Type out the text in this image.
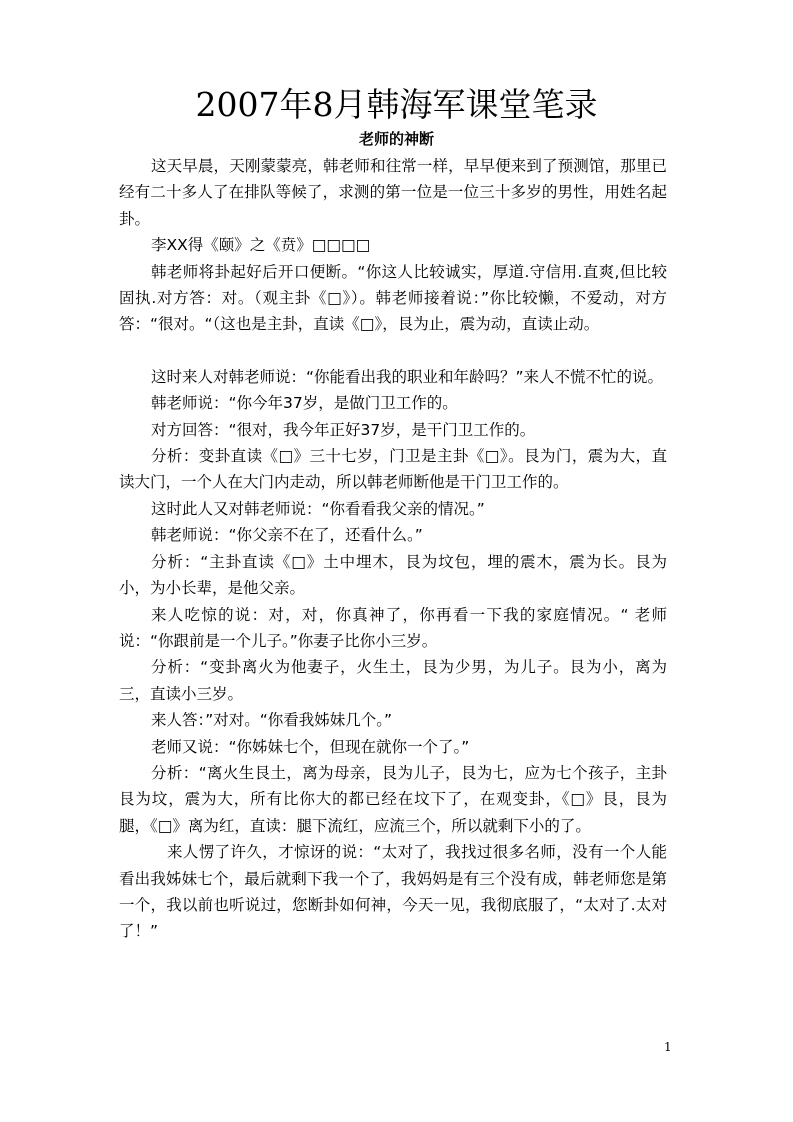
2007年8月韩海军课堂笔录
老师的神断

这天早晨，天刚蒙蒙亮，韩老师和往常一样，早早便来到了预测馆，那里已经有二十多人了在排队等候了，求测的第一位是一位三十多岁的男性，用姓名起卦。

李XX得《颐》之《贲》□□□□

韩老师将卦起好后开口便断。“你这人比较诚实，厚道.守信用.直爽,但比较固执.对方答：对。（观主卦《□》）。韩老师接着说：”你比较懒，不爱动，对方答：“很对。“（这也是主卦，直读《□》，艮为止，震为动，直读止动。

这时来人对韩老师说：“你能看出我的职业和年龄吗？”来人不慌不忙的说。

韩老师说：“你今年37岁，是做门卫工作的。

对方回答：“很对，我今年正好37岁，是干门卫工作的。

分析：变卦直读《□》三十七岁，门卫是主卦《□》。艮为门，震为大，直读大门，一个人在大门内走动，所以韩老师断他是干门卫工作的。

这时此人又对韩老师说：“你看看我父亲的情况。”

韩老师说：“你父亲不在了，还看什么。”

分析：“主卦直读《□》土中埋木，艮为坟包，埋的震木，震为长。艮为小，为小长辈，是他父亲。

来人吃惊的说：对，对，你真神了，你再看一下我的家庭情况。“ 老师说：“你跟前是一个儿子。”你妻子比你小三岁。

分析：“变卦离火为他妻子，火生土，艮为少男，为儿子。艮为小，离为三，直读小三岁。

来人答：”对对。“你看我姊妹几个。”

老师又说：“你姊妹七个，但现在就你一个了。”

分析：“离火生艮土，离为母亲，艮为儿子，艮为七，应为七个孩子，主卦艮为坟，震为大，所有比你大的都已经在坟下了，在观变卦，《□》艮，艮为腿，《□》离为红，直读：腿下流红，应流三个，所以就剩下小的了。

来人愣了许久，才惊讶的说：“太对了，我找过很多名师，没有一个人能看出我姊妹七个，最后就剩下我一个了，我妈妈是有三个没有成，韩老师您是第一个，我以前也听说过，您断卦如何神，今天一见，我彻底服了，“太对了.太对了！”

1
